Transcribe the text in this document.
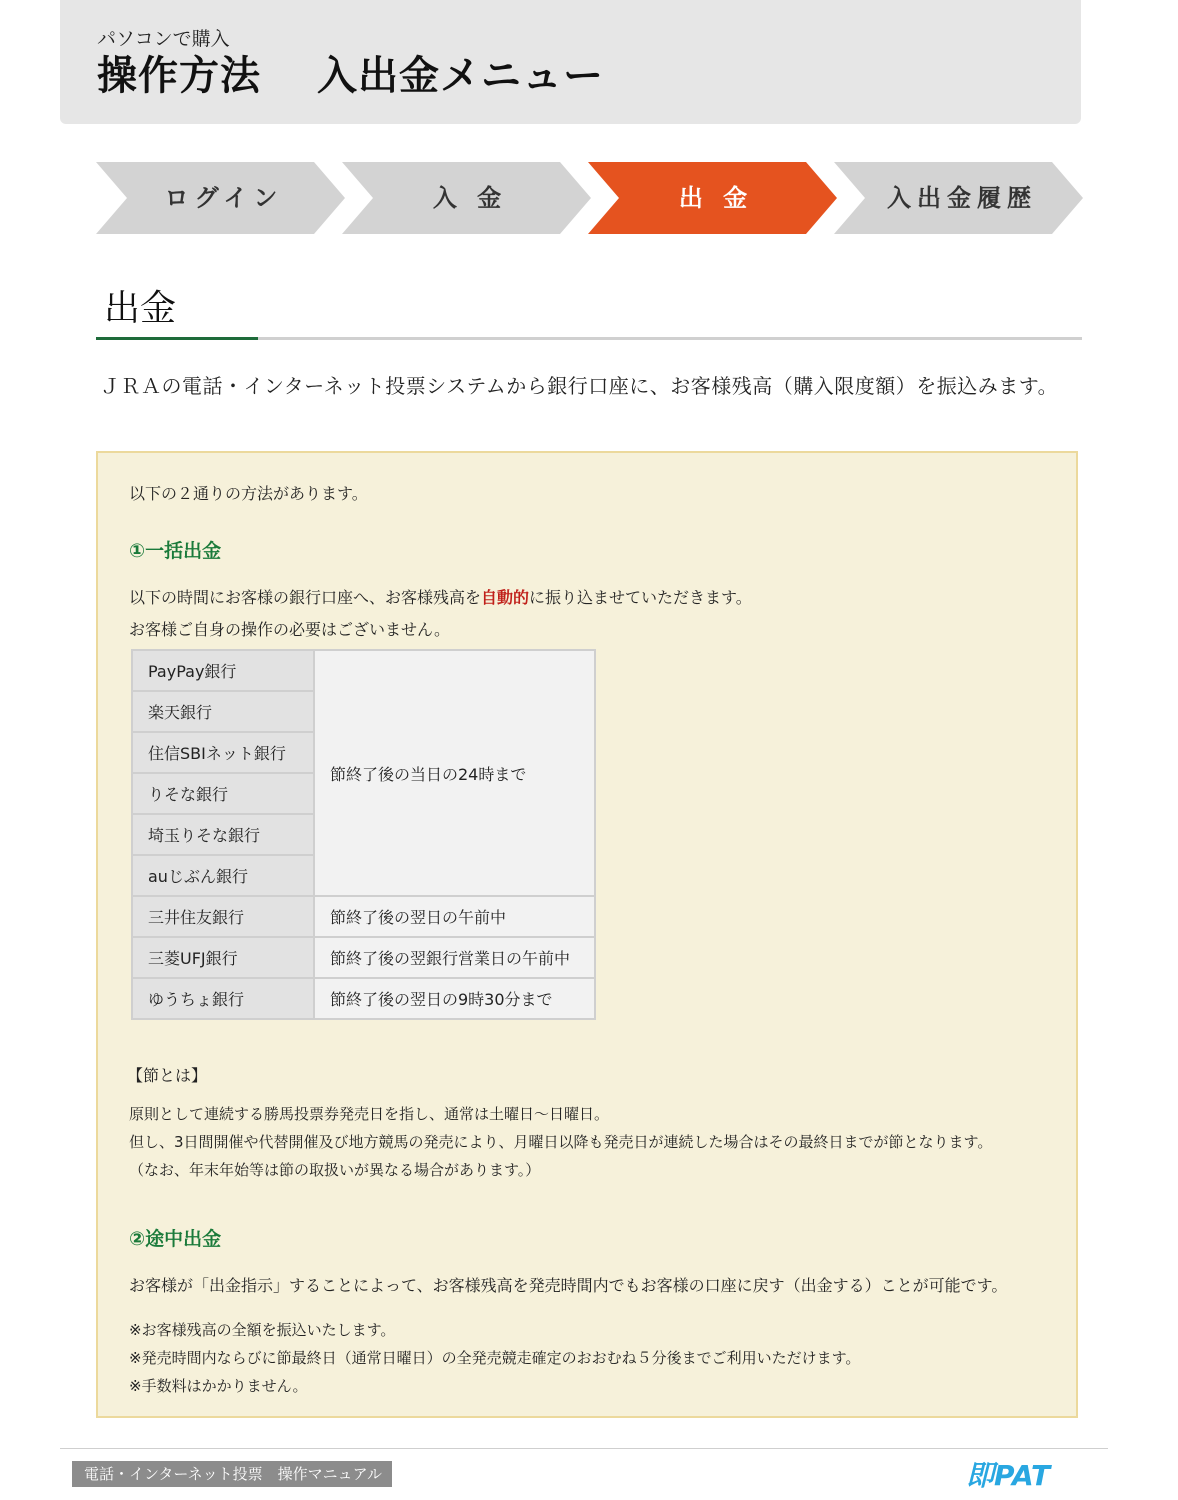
パソコンで購入
操作方法 入出金メニュー
ログイン	入 金	出 金	入出金履歴
出金
ＪＲＡの電話・インターネット投票システムから銀行口座に、お客様残高（購入限度額）を振込みます。
以下の２通りの方法があります。
①一括出金
以下の時間にお客様の銀行口座へ、お客様残高を自動的に振り込ませていただきます。
お客様ご自身の操作の必要はございません。
PayPay銀行	節終了後の当日の24時まで
楽天銀行	
住信SBIネット銀行	
りそな銀行	
埼玉りそな銀行	
auじぶん銀行	
三井住友銀行	節終了後の翌日の午前中
三菱UFJ銀行	節終了後の翌銀行営業日の午前中
ゆうちょ銀行	節終了後の翌日の9時30分まで
【節とは】
原則として連続する勝馬投票券発売日を指し、通常は土曜日～日曜日。
但し、3日間開催や代替開催及び地方競馬の発売により、月曜日以降も発売日が連続した場合はその最終日までが節となります。
（なお、年末年始等は節の取扱いが異なる場合があります。）
②途中出金
お客様が「出金指示」することによって、お客様残高を発売時間内でもお客様の口座に戻す（出金する）ことが可能です。
※お客様残高の全額を振込いたします。
※発売時間内ならびに節最終日（通常日曜日）の全発売競走確定のおおむね５分後までご利用いただけます。
※手数料はかかりません。
電話・インターネット投票　操作マニュアル	即PAT
